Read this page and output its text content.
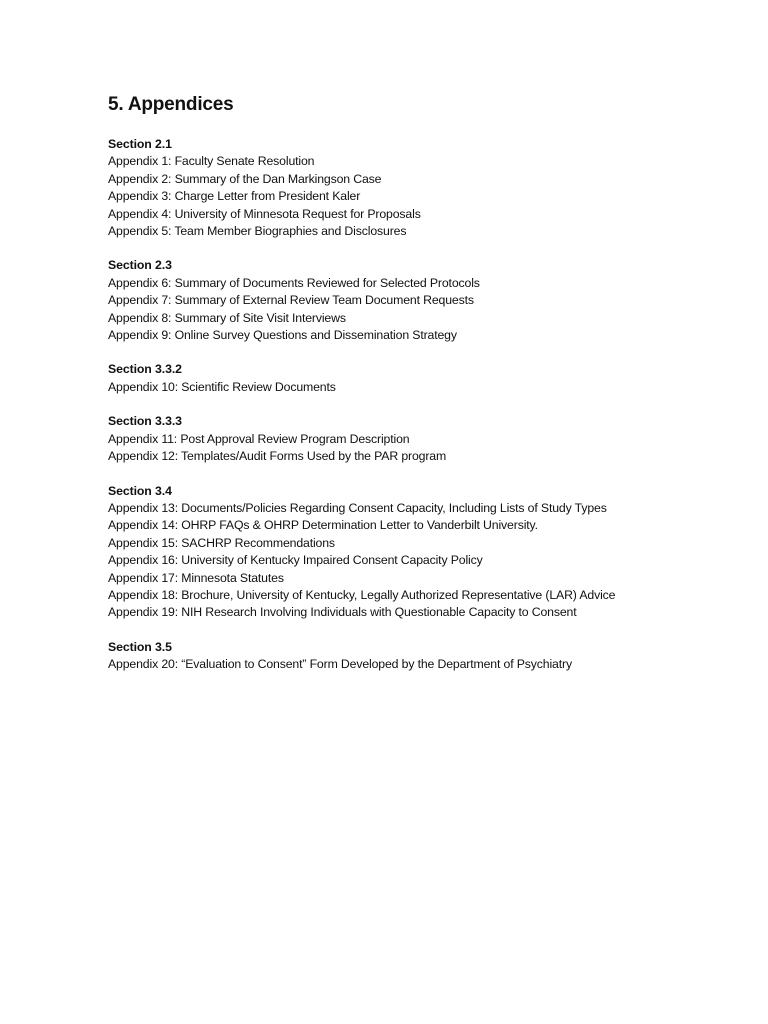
5. Appendices
Section 2.1
Appendix 1: Faculty Senate Resolution
Appendix 2: Summary of the Dan Markingson Case
Appendix 3: Charge Letter from President Kaler
Appendix 4: University of Minnesota Request for Proposals
Appendix 5: Team Member Biographies and Disclosures
Section 2.3
Appendix 6: Summary of Documents Reviewed for Selected Protocols
Appendix 7: Summary of External Review Team Document Requests
Appendix 8: Summary of Site Visit Interviews
Appendix 9: Online Survey Questions and Dissemination Strategy
Section 3.3.2
Appendix 10: Scientific Review Documents
Section 3.3.3
Appendix 11: Post Approval Review Program Description
Appendix 12: Templates/Audit Forms Used by the PAR program
Section 3.4
Appendix 13: Documents/Policies Regarding Consent Capacity, Including Lists of Study Types
Appendix 14: OHRP FAQs & OHRP Determination Letter to Vanderbilt University.
Appendix 15: SACHRP Recommendations
Appendix 16: University of Kentucky Impaired Consent Capacity Policy
Appendix 17: Minnesota Statutes
Appendix 18: Brochure, University of Kentucky, Legally Authorized Representative (LAR) Advice
Appendix 19: NIH Research Involving Individuals with Questionable Capacity to Consent
Section 3.5
Appendix 20: “Evaluation to Consent” Form Developed by the Department of Psychiatry
